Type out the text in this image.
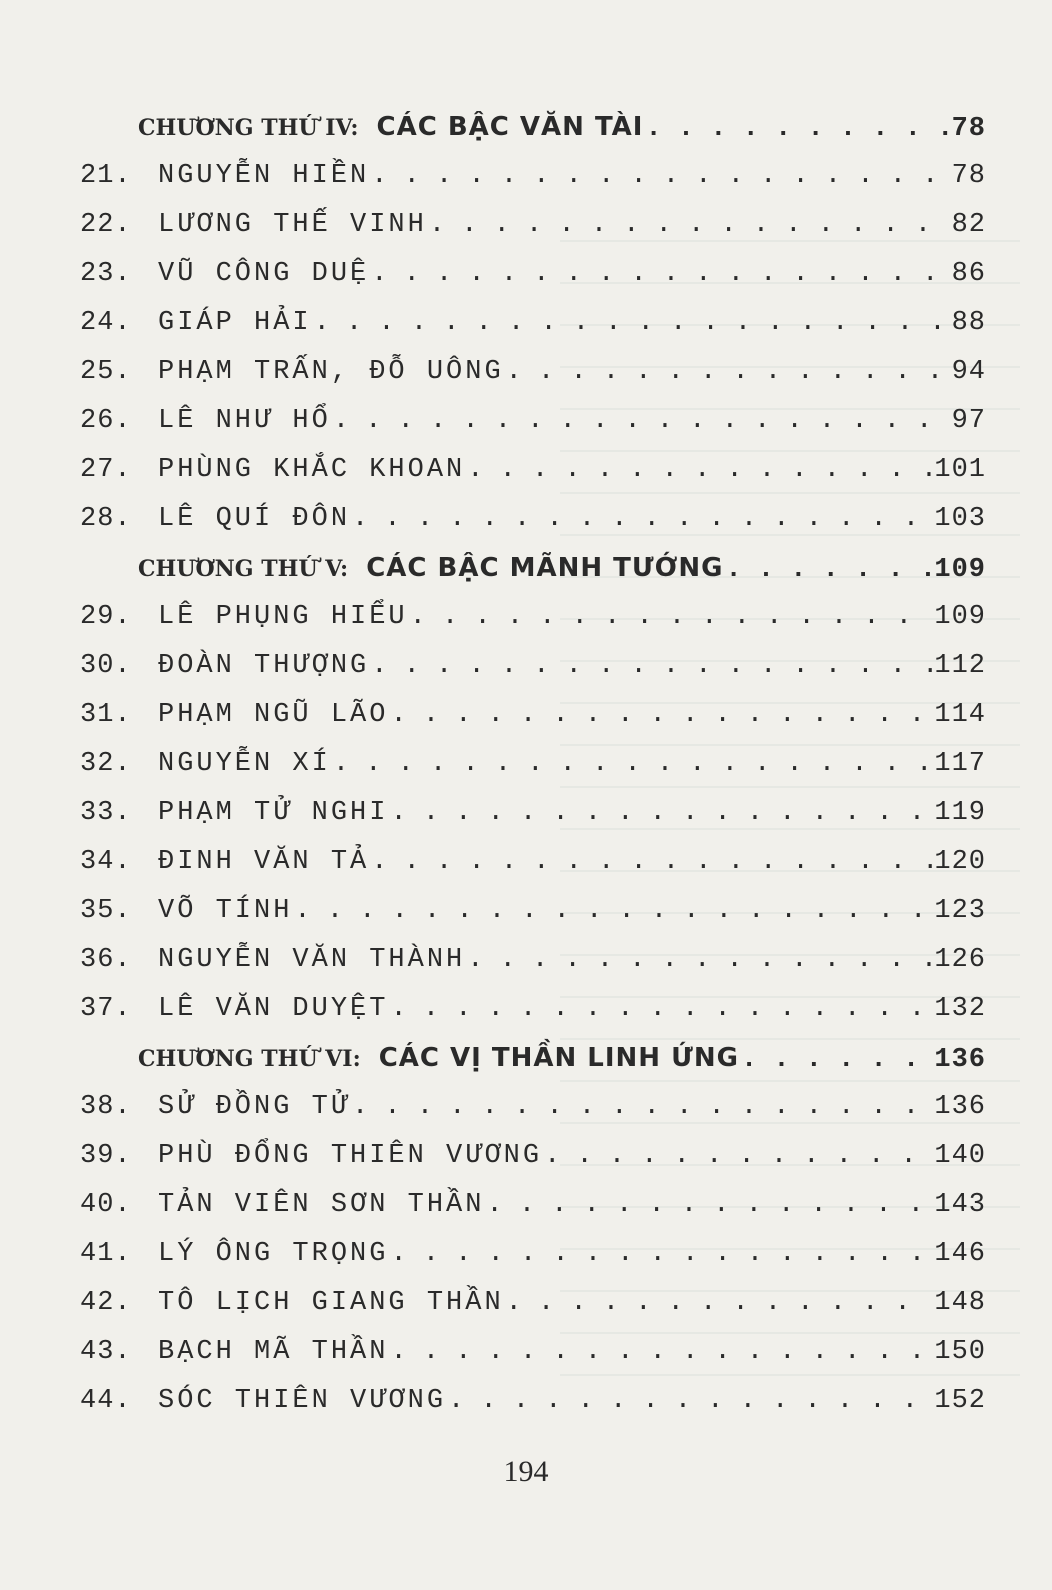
CHƯƠNG THỨ IV: CÁC BẬC VĂN TÀI . . .	78
21. NGUYỄN HIỀN . . .	78
22. LƯƠNG THẾ VINH . . .	82
23. VŨ CÔNG DUỆ . . .	86
24. GIÁP HẢI . . .	88
25. PHẠM TRẤN, ĐỖ UÔNG . . .	94
26. LÊ NHƯ HỔ . . .	97
27. PHÙNG KHẮC KHOAN . . .	101
28. LÊ QUÍ ĐÔN . . .	103
CHƯƠNG THỨ V: CÁC BẬC MÃNH TƯỚNG . . .	109
29. LÊ PHỤNG HIỂU . . .	109
30. ĐOÀN THƯỢNG . . .	112
31. PHẠM NGŨ LÃO . . .	114
32. NGUYỄN XÍ . . .	117
33. PHẠM TỬ NGHI . . .	119
34. ĐINH VĂN TẢ . . .	120
35. VÕ TÍNH . . .	123
36. NGUYỄN VĂN THÀNH . . .	126
37. LÊ VĂN DUYỆT . . .	132
CHƯƠNG THỨ VI: CÁC VỊ THẦN LINH ỨNG . . .	136
38. SỬ ĐỒNG TỬ . . .	136
39. PHÙ ĐỔNG THIÊN VƯƠNG . . .	140
40. TẢN VIÊN SƠN THẦN . . .	143
41. LÝ ÔNG TRỌNG . . .	146
42. TÔ LỊCH GIANG THẦN . . .	148
43. BẠCH MÃ THẦN . . .	150
44. SÓC THIÊN VƯƠNG . . .	152
194
